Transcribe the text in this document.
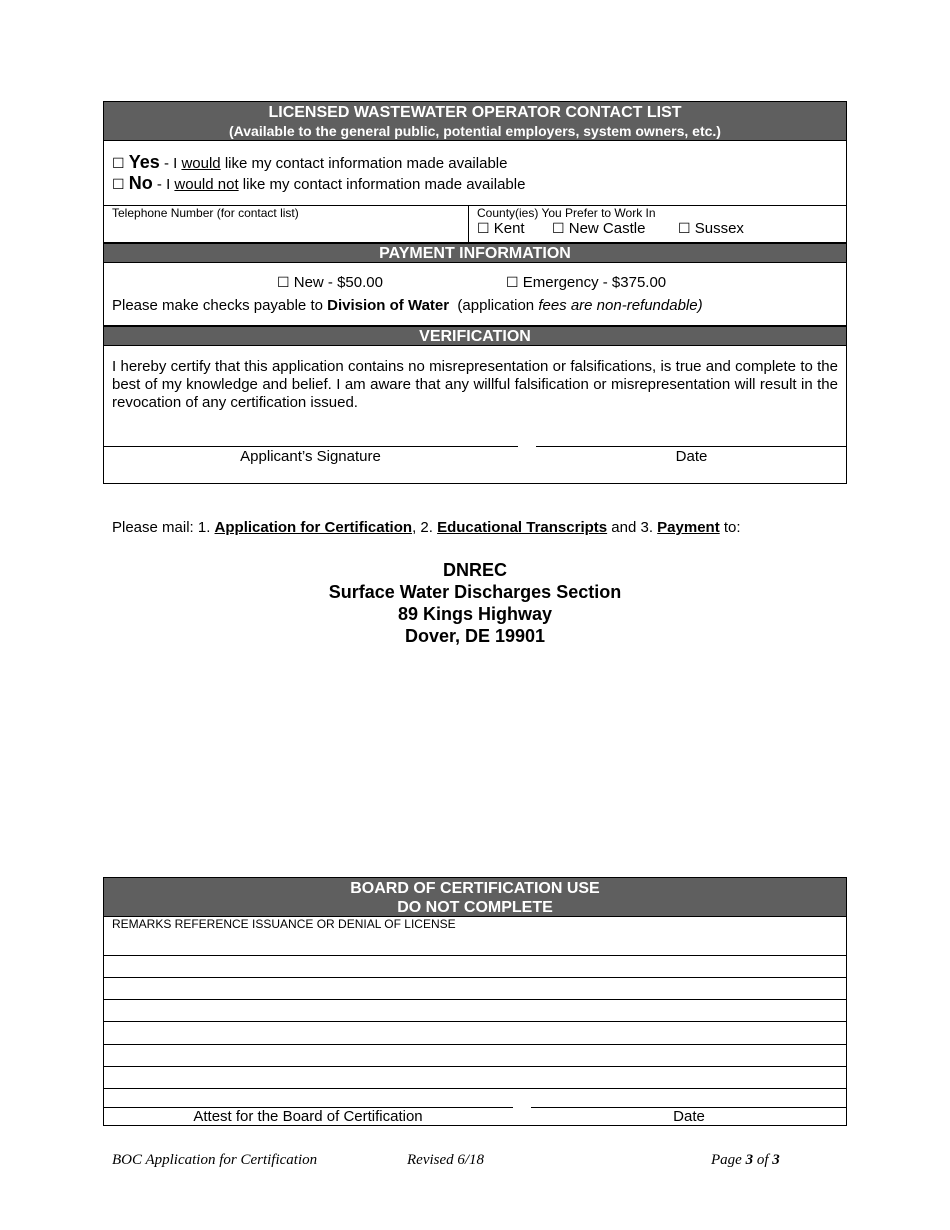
LICENSED WASTEWATER OPERATOR CONTACT LIST
(Available to the general public, potential employers, system owners, etc.)
☐ Yes - I would like my contact information made available
☐ No - I would not like my contact information made available
Telephone Number (for contact list)	County(ies) You Prefer to Work In
☐ Kent ☐ New Castle ☐ Sussex
PAYMENT INFORMATION
☐ New - $50.00	☐ Emergency - $375.00
Please make checks payable to Division of Water  (application fees are non-refundable)
VERIFICATION
I hereby certify that this application contains no misrepresentation or falsifications, is true and complete to the best of my knowledge and belief. I am aware that any willful falsification or misrepresentation will result in the revocation of any certification issued.
Applicant’s Signature	Date
Please mail: 1. Application for Certification, 2. Educational Transcripts and 3. Payment to:
DNREC
Surface Water Discharges Section
89 Kings Highway
Dover, DE 19901
BOARD OF CERTIFICATION USE
DO NOT COMPLETE
REMARKS REFERENCE ISSUANCE OR DENIAL OF LICENSE
Attest for the Board of Certification	Date
BOC Application for Certification	Revised 6/18	Page 3 of 3
